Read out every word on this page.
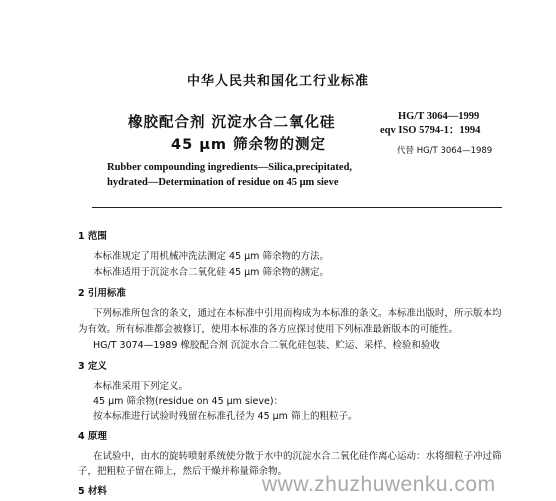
中华人民共和国化工行业标准
橡胶配合剂 沉淀水合二氧化硅
45 μm 筛余物的测定
HG/T 3064—1999
eqv ISO 5794-1：1994
代替 HG/T 3064—1989
Rubber compounding ingredients—Silica,precipitated,
hydrated—Determination of residue on 45 μm sieve
1 范围
本标准规定了用机械冲洗法测定 45 μm 筛余物的方法。
本标准适用于沉淀水合二氧化硅 45 μm 筛余物的测定。
2 引用标准
下列标准所包含的条文，通过在本标准中引用而构成为本标准的条文。本标准出版时，所示版本均
为有效。所有标准都会被修订，使用本标准的各方应探讨使用下列标准最新版本的可能性。
HG/T 3074—1989 橡胶配合剂 沉淀水合二氧化硅包装、贮运、采样、检验和验收
3 定义
本标准采用下列定义。
45 μm 筛余物(residue on 45 μm sieve)：
按本标准进行试验时残留在标准孔径为 45 μm 筛上的粗粒子。
4 原理
在试验中，由水的旋转喷射系统使分散于水中的沉淀水合二氧化硅作离心运动：水将细粒子冲过筛
子，把粗粒子留在筛上，然后干燥并称量筛余物。
5 材料	www.zhuzhuwenku.com
